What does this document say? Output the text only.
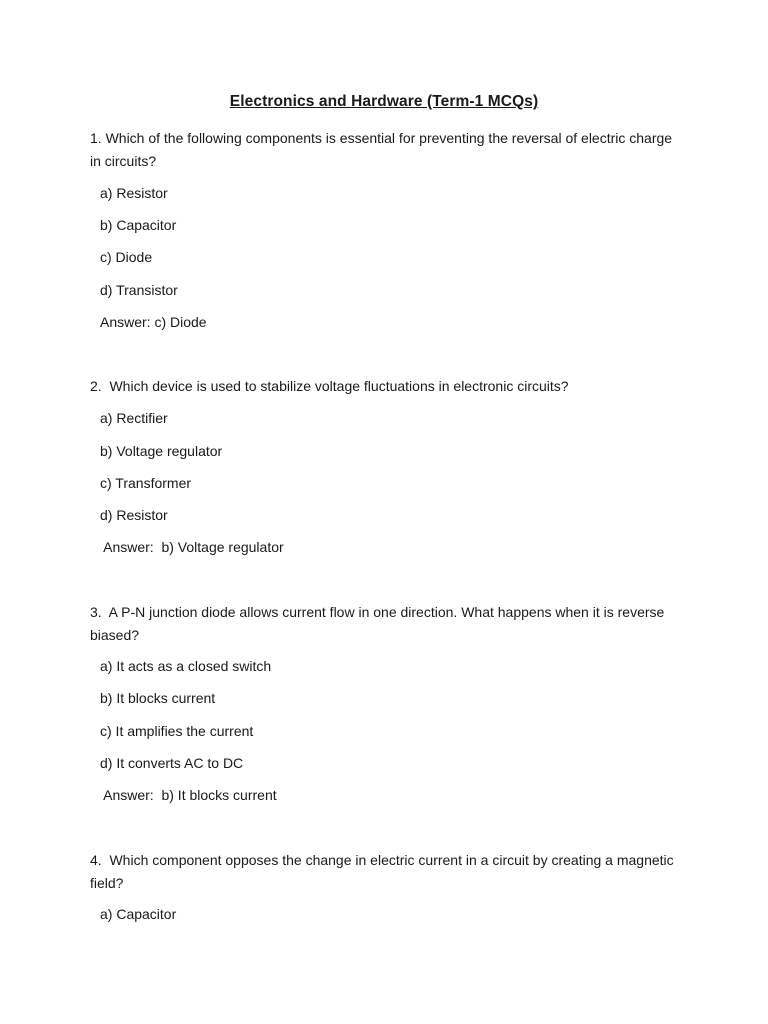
Electronics and Hardware (Term-1 MCQs)
1. Which of the following components is essential for preventing the reversal of electric charge in circuits?
a) Resistor
b) Capacitor
c) Diode
d) Transistor
Answer: c) Diode
2.  Which device is used to stabilize voltage fluctuations in electronic circuits?
a) Rectifier
b) Voltage regulator
c) Transformer
d) Resistor
Answer:  b) Voltage regulator
3.  A P-N junction diode allows current flow in one direction. What happens when it is reverse biased?
a) It acts as a closed switch
b) It blocks current
c) It amplifies the current
d) It converts AC to DC
Answer:  b) It blocks current
4.  Which component opposes the change in electric current in a circuit by creating a magnetic field?
a) Capacitor
